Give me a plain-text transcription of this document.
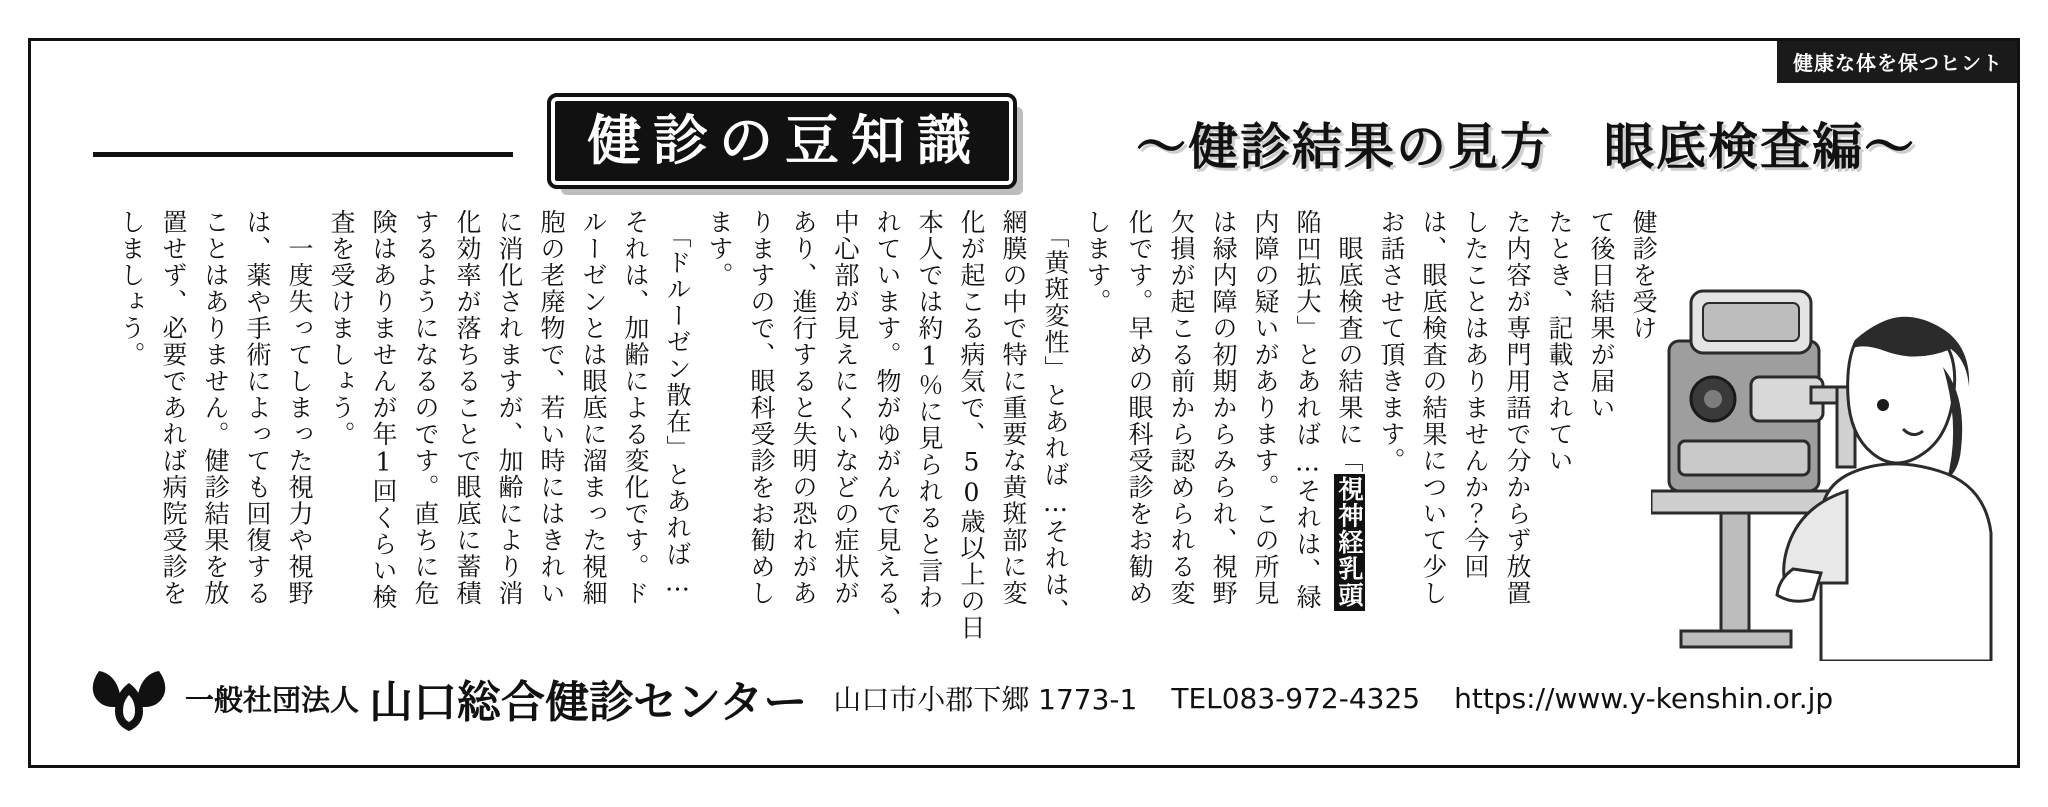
健康な体を保つヒント
健診の豆知識	〜健診結果の見方　眼底検査編〜
健診を受け
て後日結果が届い
たとき、記載されてい
た内容が専門用語で分からず放置
したことはありませんか？今回
は、眼底検査の結果について少し
お話させて頂きます。
　眼底検査の結果に「視神経乳頭
陥凹拡大」とあれば…それは、緑
内障の疑いがあります。この所見
は緑内障の初期からみられ、視野
欠損が起こる前から認められる変
化です。早めの眼科受診をお勧め
します。
　「黄斑変性」とあれば…それは、
網膜の中で特に重要な黄斑部に変
化が起こる病気で、50歳以上の日
本人では約1％に見られると言わ
れています。物がゆがんで見える、
中心部が見えにくいなどの症状が
あり、進行すると失明の恐れがあ
りますので、眼科受診をお勧めし
ます。
　「ドルーゼン散在」とあれば…
それは、加齢による変化です。ド
ルーゼンとは眼底に溜まった視細
胞の老廃物で、若い時にはきれい
に消化されますが、加齢により消
化効率が落ちることで眼底に蓄積
するようになるのです。直ちに危
険はありませんが年1回くらい検
査を受けましょう。
　一度失ってしまった視力や視野
は、薬や手術によっても回復する
ことはありません。健診結果を放
置せず、必要であれば病院受診を
しましょう。
一般社団法人 山口総合健診センター 山口市小郡下郷 1773-1 TEL083-972-4325 https://www.y-kenshin.or.jp
